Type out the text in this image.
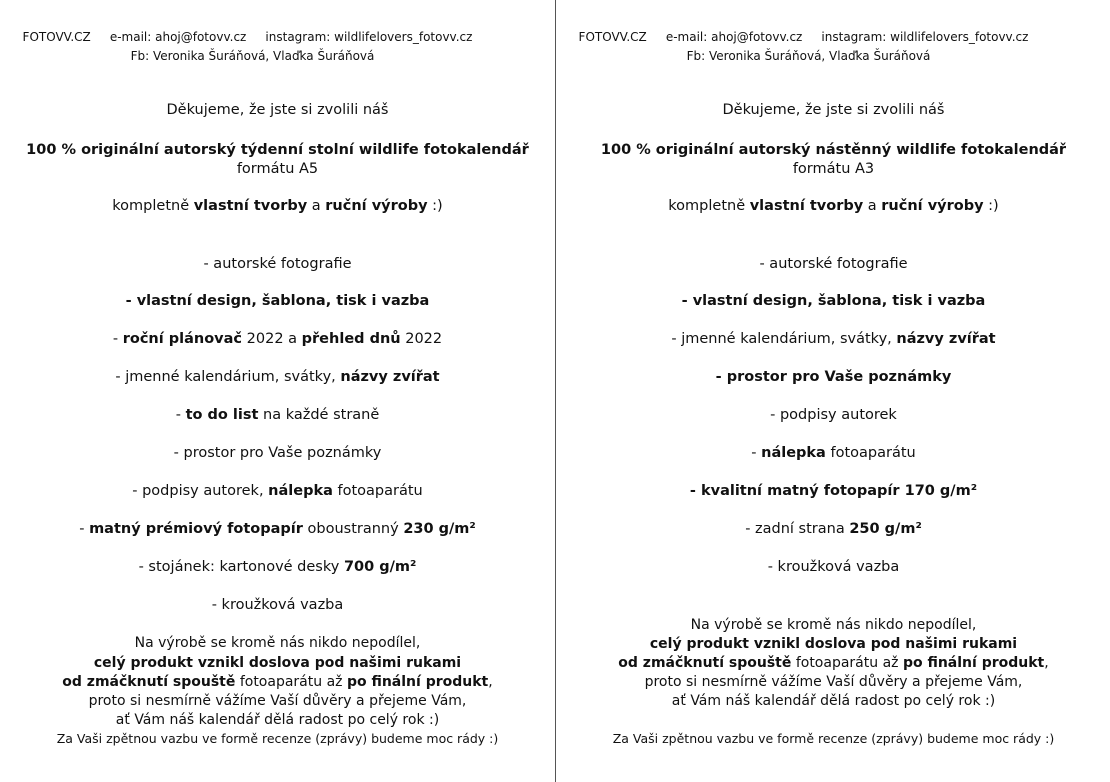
FOTOVV.CZ e-mail: ahoj@fotovv.cz instagram: wildlifelovers_fotovv.cz
Fb: Veronika Šuráňová, Vlaďka Šuráňová
Děkujeme, že jste si zvolili náš
100 % originální autorský týdenní stolní wildlife fotokalendář
formátu A5
kompletně vlastní tvorby a ruční výroby :)
- autorské fotografie
- vlastní design, šablona, tisk i vazba
- roční plánovač 2022 a přehled dnů 2022
- jmenné kalendárium, svátky, názvy zvířat
- to do list na každé straně
- prostor pro Vaše poznámky
- podpisy autorek, nálepka fotoaparátu
- matný prémiový fotopapír oboustranný 230 g/m²
- stojánek: kartonové desky 700 g/m²
- kroužková vazba
Na výrobě se kromě nás nikdo nepodílel,
celý produkt vznikl doslova pod našimi rukami
od zmáčknutí spouště fotoaparátu až po finální produkt,
proto si nesmírně vážíme Vaší důvěry a přejeme Vám,
ať Vám náš kalendář dělá radost po celý rok :)
Za Vaši zpětnou vazbu ve formě recenze (zprávy) budeme moc rády :)
FOTOVV.CZ e-mail: ahoj@fotovv.cz instagram: wildlifelovers_fotovv.cz
Fb: Veronika Šuráňová, Vlaďka Šuráňová
Děkujeme, že jste si zvolili náš
100 % originální autorský nástěnný wildlife fotokalendář
formátu A3
kompletně vlastní tvorby a ruční výroby :)
- autorské fotografie
- vlastní design, šablona, tisk i vazba
- jmenné kalendárium, svátky, názvy zvířat
- prostor pro Vaše poznámky
- podpisy autorek
- nálepka fotoaparátu
- kvalitní matný fotopapír 170 g/m²
- zadní strana 250 g/m²
- kroužková vazba
Na výrobě se kromě nás nikdo nepodílel,
celý produkt vznikl doslova pod našimi rukami
od zmáčknutí spouště fotoaparátu až po finální produkt,
proto si nesmírně vážíme Vaší důvěry a přejeme Vám,
ať Vám náš kalendář dělá radost po celý rok :)
Za Vaši zpětnou vazbu ve formě recenze (zprávy) budeme moc rády :)
